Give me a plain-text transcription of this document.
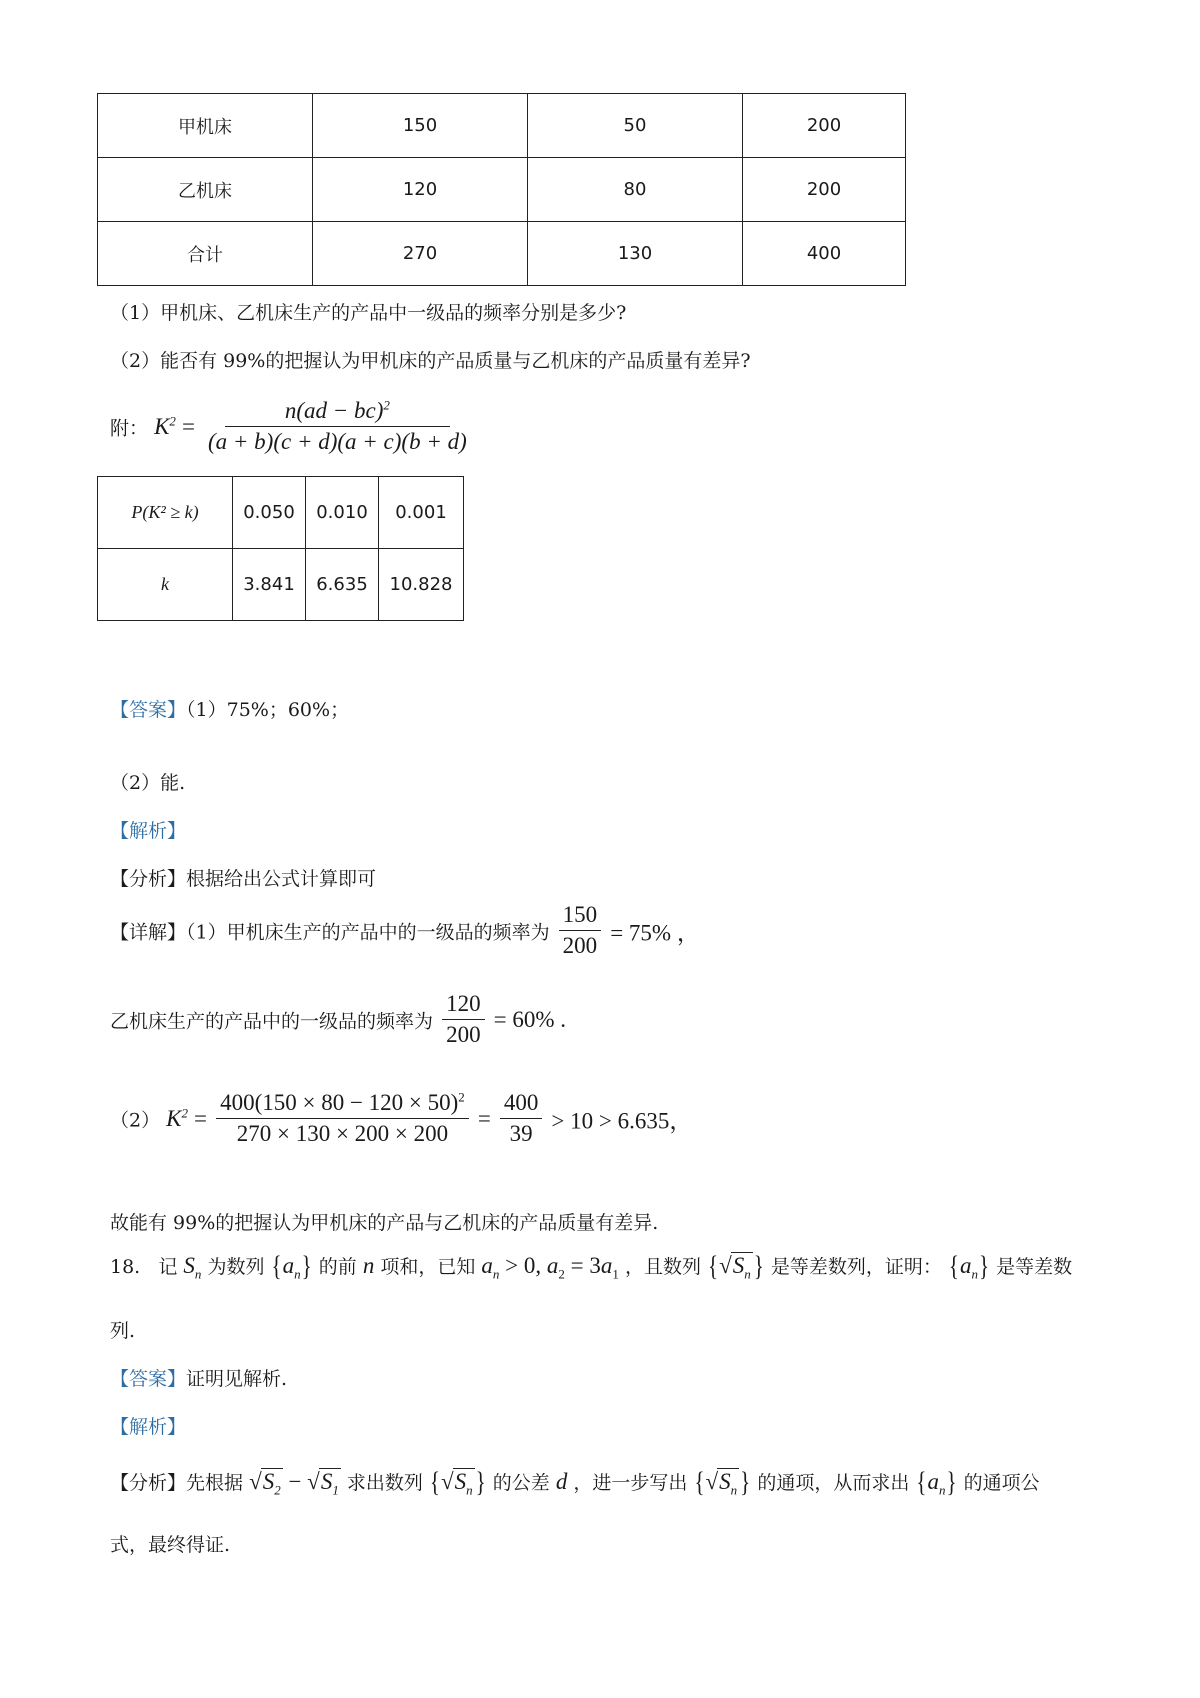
甲机床	150	50	200
乙机床	120	80	200
合计	270	130	400
（1）甲机床、乙机床生产的产品中一级品的频率分别是多少?
（2）能否有 99%的把握认为甲机床的产品质量与乙机床的产品质量有差异?
附： $K^2 = \frac{n(ad - bc)^2}{(a + b)(c + d)(a + c)(b + d)}$
P(K² ≥ k)	0.050	0.010	0.001
k	3.841	6.635	10.828
【答案】（1）75%；60%；
（2）能.
【解析】
【分析】根据给出公式计算即可
【详解】（1）甲机床生产的产品中的一级品的频率为 $\frac{150}{200} = 75\%$ ，
乙机床生产的产品中的一级品的频率为 $\frac{120}{200} = 60\%$ .
（2） $K^2 = \frac{400(150 \times 80 - 120 \times 50)^2}{270 \times 130 \times 200 \times 200} = \frac{400}{39} > 10 > 6.635$，
故能有 99%的把握认为甲机床的产品与乙机床的产品质量有差异.
18. 记 $S_n$ 为数列 $\{a_n\}$ 的前 n 项和，已知 $a_n > 0$, $a_2 = 3a_1$ ，且数列 {$√S_n$ } 是等差数列，证明： $\{a_n\}$ 是等差数
列.
【答案】证明见解析.
【解析】
【分析】先根据 $√S_2 - √S_1$ 求出数列 {$√S_n$ } 的公差 d ，进一步写出 {$√S_n$ } 的通项，从而求出 $\{a_n\}$ 的通项公
式，最终得证.
